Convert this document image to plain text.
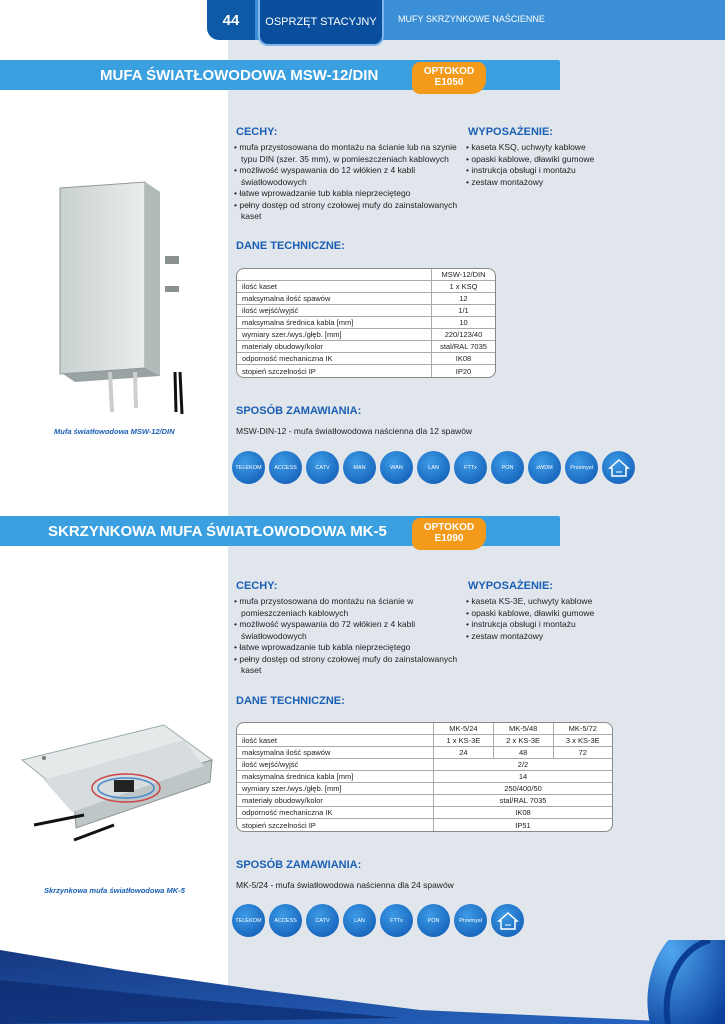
44	OSPRZĘT STACYJNY	MUFY SKRZYNKOWE NAŚCIENNE
MUFA ŚWIATŁOWODOWA MSW-12/DIN	OPTOKOD
E1050
Mufa światłowodowa MSW-12/DIN
CECHY:
• mufa przystosowana do montażu na ścianie lub na szynie typu DIN (szer. 35 mm), w pomieszczeniach kablowych
• możliwość wyspawania do 12 włókien z 4 kabli światłowodowych
• łatwe wprowadzanie tub kabla nieprzeciętego
• pełny dostęp od strony czołowej mufy do zainstalowanych kaset
WYPOSAŻENIE:
• kaseta KSQ, uchwyty kablowe
• opaski kablowe, dławiki gumowe
• instrukcja obsługi i montażu
• zestaw montażowy
DANE TECHNICZNE:
	MSW-12/DIN
ilość kaset	1 x KSQ
maksymalna ilość spawów	12
ilość wejść/wyjść	1/1
maksymalna średnica kabla [mm]	10
wymiary szer./wys./głęb. [mm]	220/123/40
materiały obudowy/kolor	stal/RAL 7035
odporność mechaniczna IK	IK08
stopień szczelności IP	IP20
SPOSÓB ZAMAWIANIA:
MSW-DIN-12 - mufa światłowodowa naścienna dla 12 spawów
TELEKOM	ACCESS	CATV	MAN	WAN	LAN	FTTx	PON	xWDM	Przemysł
SKRZYNKOWA MUFA ŚWIATŁOWODOWA MK-5	OPTOKOD
E1090
Skrzynkowa mufa światłowodowa MK-5
CECHY:
• mufa przystosowana do montażu na ścianie w pomieszczeniach kablowych
• możliwość wyspawania do 72 włókien z 4 kabli światłowodowych
• łatwe wprowadzanie tub kabla nieprzeciętego
• pełny dostęp od strony czołowej mufy do zainstalowanych kaset
WYPOSAŻENIE:
• kaseta KS-3E, uchwyty kablowe
• opaski kablowe, dławiki gumowe
• instrukcja obsługi i montażu
• zestaw montażowy
DANE TECHNICZNE:
	MK-5/24	MK-5/48	MK-5/72
ilość kaset	1 x KS-3E	2 x KS-3E	3 x KS-3E
maksymalna ilość spawów	24	48	72
ilość wejść/wyjść	2/2		
maksymalna średnica kabla [mm]	14		
wymiary szer./wys./głęb. [mm]	250/400/50		
materiały obudowy/kolor	stal/RAL 7035		
odporność mechaniczna IK	IK08		
stopień szczelności IP	IP51		
SPOSÓB ZAMAWIANIA:
MK-5/24 - mufa światłowodowa naścienna dla 24 spawów
TELEKOM	ACCESS	CATV	LAN	FTTx	PON	Przemysł
